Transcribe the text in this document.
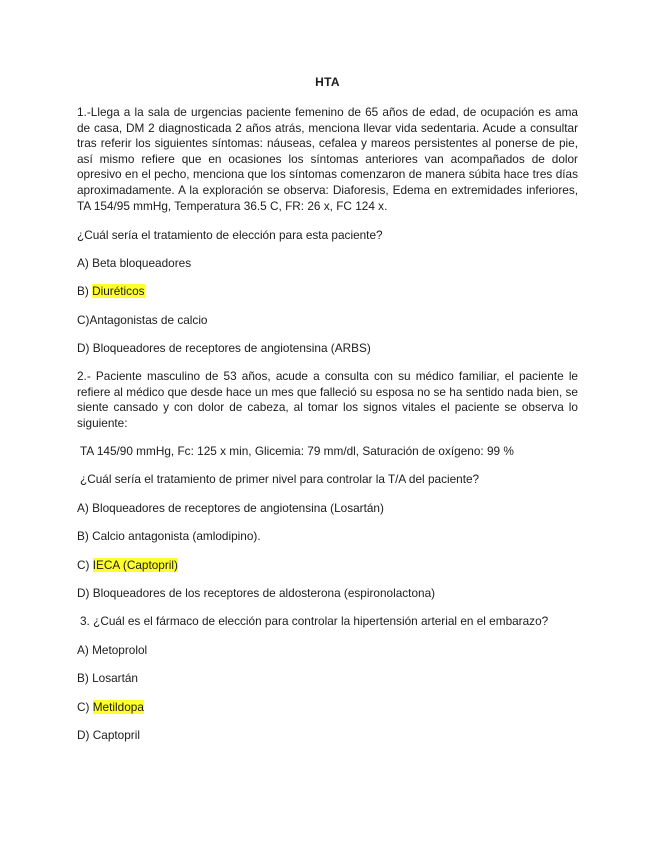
HTA
1.-Llega a la sala de urgencias paciente femenino de 65 años de edad, de ocupación es ama de casa, DM 2 diagnosticada 2 años atrás, menciona llevar vida sedentaria. Acude a consultar tras referir los siguientes síntomas: náuseas, cefalea y mareos persistentes al ponerse de pie, así mismo refiere que en ocasiones los síntomas anteriores van acompañados de dolor opresivo en el pecho, menciona que los síntomas comenzaron de manera súbita hace tres días aproximadamente. A la exploración se observa: Diaforesis, Edema en extremidades inferiores, TA 154/95 mmHg, Temperatura 36.5 C, FR: 26 x, FC 124 x.
¿Cuál sería el tratamiento de elección para esta paciente?
A) Beta bloqueadores
B) Diuréticos
C)Antagonistas de calcio
D) Bloqueadores de receptores de angiotensina (ARBS)
2.- Paciente masculino de 53 años, acude a consulta con su médico familiar, el paciente le refiere al médico que desde hace un mes que falleció su esposa no se ha sentido nada bien, se siente cansado y con dolor de cabeza, al tomar los signos vitales el paciente se observa lo siguiente:
TA 145/90 mmHg, Fc: 125 x min, Glicemia: 79 mm/dl, Saturación de oxígeno: 99 %
¿Cuál sería el tratamiento de primer nivel para controlar la T/A del paciente?
A) Bloqueadores de receptores de angiotensina (Losartán)
B) Calcio antagonista (amlodipino).
C) IECA (Captopril)
D) Bloqueadores de los receptores de aldosterona (espironolactona)
3. ¿Cuál es el fármaco de elección para controlar la hipertensión arterial en el embarazo?
A) Metoprolol
B) Losartán
C) Metildopa
D) Captopril
